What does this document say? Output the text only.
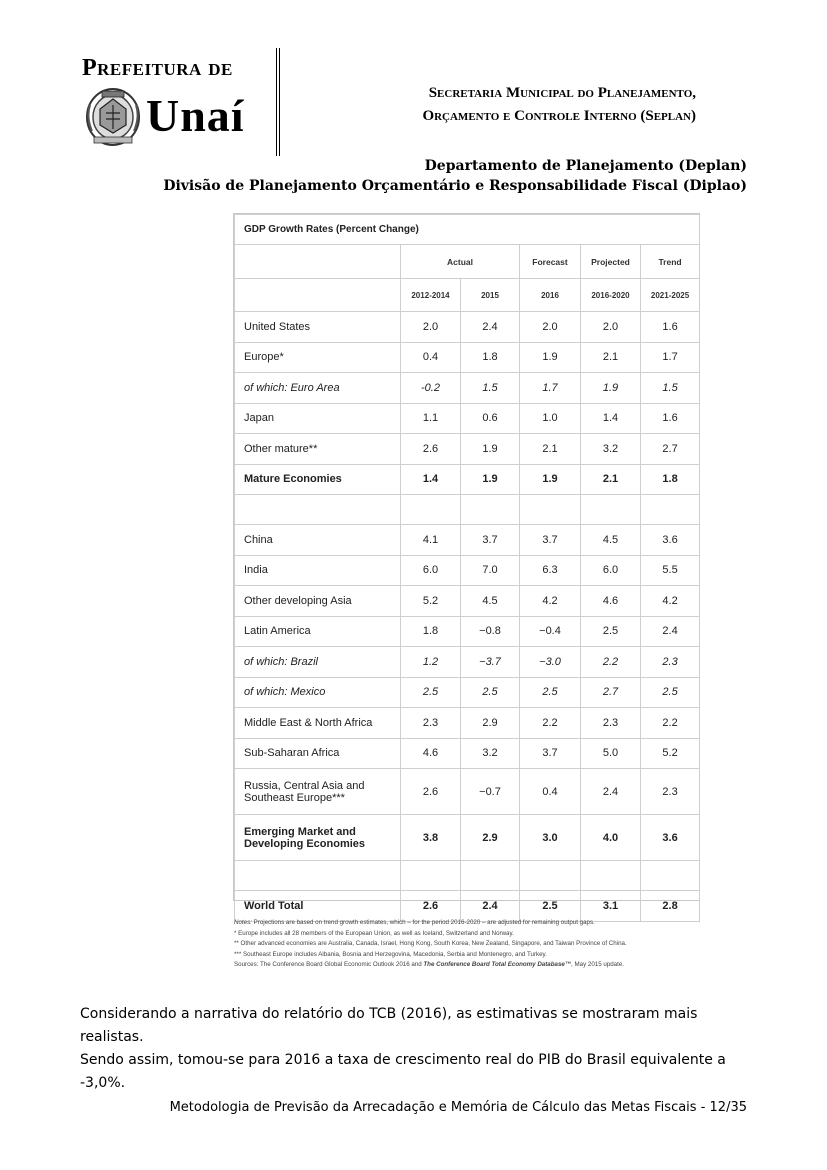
Prefeitura de
Unaí	Secretaria Municipal do Planejamento,
Orçamento e Controle Interno (Seplan)
Departamento de Planejamento (Deplan)
Divisão de Planejamento Orçamentário e Responsabilidade Fiscal (Diplao)
GDP Growth Rates (Percent Change)					
	Actual		Forecast	Projected	Trend
	2012-2014	2015	2016	2016-2020	2021-2025
United States	2.0	2.4	2.0	2.0	1.6
Europe*	0.4	1.8	1.9	2.1	1.7
of which: Euro Area	-0.2	1.5	1.7	1.9	1.5
Japan	1.1	0.6	1.0	1.4	1.6
Other mature**	2.6	1.9	2.1	3.2	2.7
Mature Economies	1.4	1.9	1.9	2.1	1.8

China	4.1	3.7	3.7	4.5	3.6
India	6.0	7.0	6.3	6.0	5.5
Other developing Asia	5.2	4.5	4.2	4.6	4.2
Latin America	1.8	−0.8	−0.4	2.5	2.4
of which: Brazil	1.2	−3.7	−3.0	2.2	2.3
of which: Mexico	2.5	2.5	2.5	2.7	2.5
Middle East & North Africa	2.3	2.9	2.2	2.3	2.2
Sub-Saharan Africa	4.6	3.2	3.7	5.0	5.2
Russia, Central Asia and Southeast Europe***	2.6	−0.7	0.4	2.4	2.3
Emerging Market and Developing Economies	3.8	2.9	3.0	4.0	3.6

World Total	2.6	2.4	2.5	3.1	2.8
Notes: Projections are based on trend growth estimates, which – for the period 2016-2020 – are adjusted for remaining output gaps.
* Europe includes all 28 members of the European Union, as well as Iceland, Switzerland and Norway.
** Other advanced economies are Australia, Canada, Israel, Hong Kong, South Korea, New Zealand, Singapore, and Taiwan Province of China.
*** Southeast Europe includes Albania, Bosnia and Herzegovina, Macedonia, Serbia and Montenegro, and Turkey.
Sources: The Conference Board Global Economic Outlook 2016 and The Conference Board Total Economy Database™, May 2015 update.
Considerando a narrativa do relatório do TCB (2016), as estimativas se mostraram mais realistas.
Sendo assim, tomou-se para 2016 a taxa de crescimento real do PIB do Brasil equivalente a -3,0%.
Metodologia de Previsão da Arrecadação e Memória de Cálculo das Metas Fiscais - 12/35
